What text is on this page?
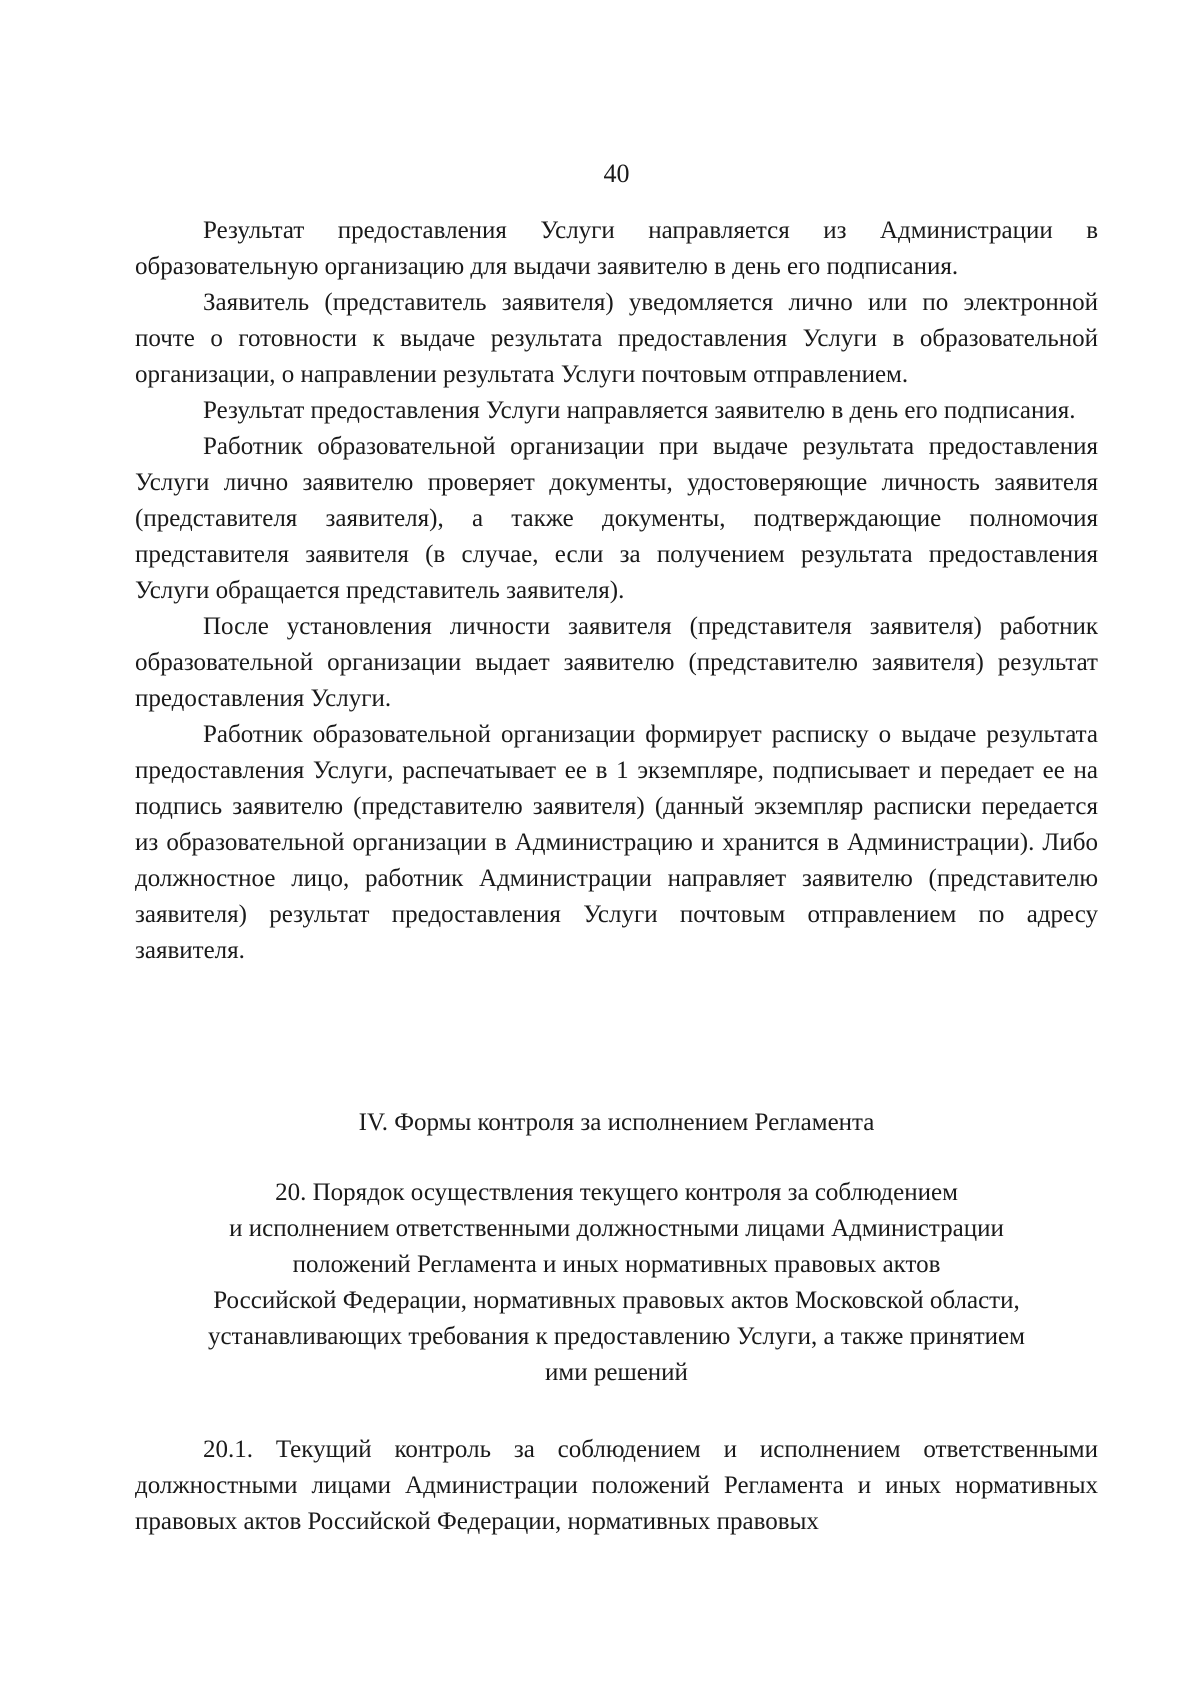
40

Результат предоставления Услуги направляется из Администрации в образовательную организацию для выдачи заявителю в день его подписания.

Заявитель (представитель заявителя) уведомляется лично или по электронной почте о готовности к выдаче результата предоставления Услуги в образовательной организации, о направлении результата Услуги почтовым отправлением.

Результат предоставления Услуги направляется заявителю в день его подписания.

Работник образовательной организации при выдаче результата предоставления Услуги лично заявителю проверяет документы, удостоверяющие личность заявителя (представителя заявителя), а также документы, подтверждающие полномочия представителя заявителя (в случае, если за получением результата предоставления Услуги обращается представитель заявителя).

После установления личности заявителя (представителя заявителя) работник образовательной организации выдает заявителю (представителю заявителя) результат предоставления Услуги.

Работник образовательной организации формирует расписку о выдаче результата предоставления Услуги, распечатывает ее в 1 экземпляре, подписывает и передает ее на подпись заявителю (представителю заявителя) (данный экземпляр расписки передается из образовательной организации в Администрацию и хранится в Администрации). Либо должностное лицо, работник Администрации направляет заявителю (представителю заявителя) результат предоставления Услуги почтовым отправлением по адресу заявителя.

IV. Формы контроля за исполнением Регламента
20. Порядок осуществления текущего контроля за соблюдением
и исполнением ответственными должностными лицами Администрации
положений Регламента и иных нормативных правовых актов
Российской Федерации, нормативных правовых актов Московской области,
устанавливающих требования к предоставлению Услуги, а также принятием
ими решений

20.1. Текущий контроль за соблюдением и исполнением ответственными должностными лицами Администрации положений Регламента и иных нормативных правовых актов Российской Федерации, нормативных правовых
